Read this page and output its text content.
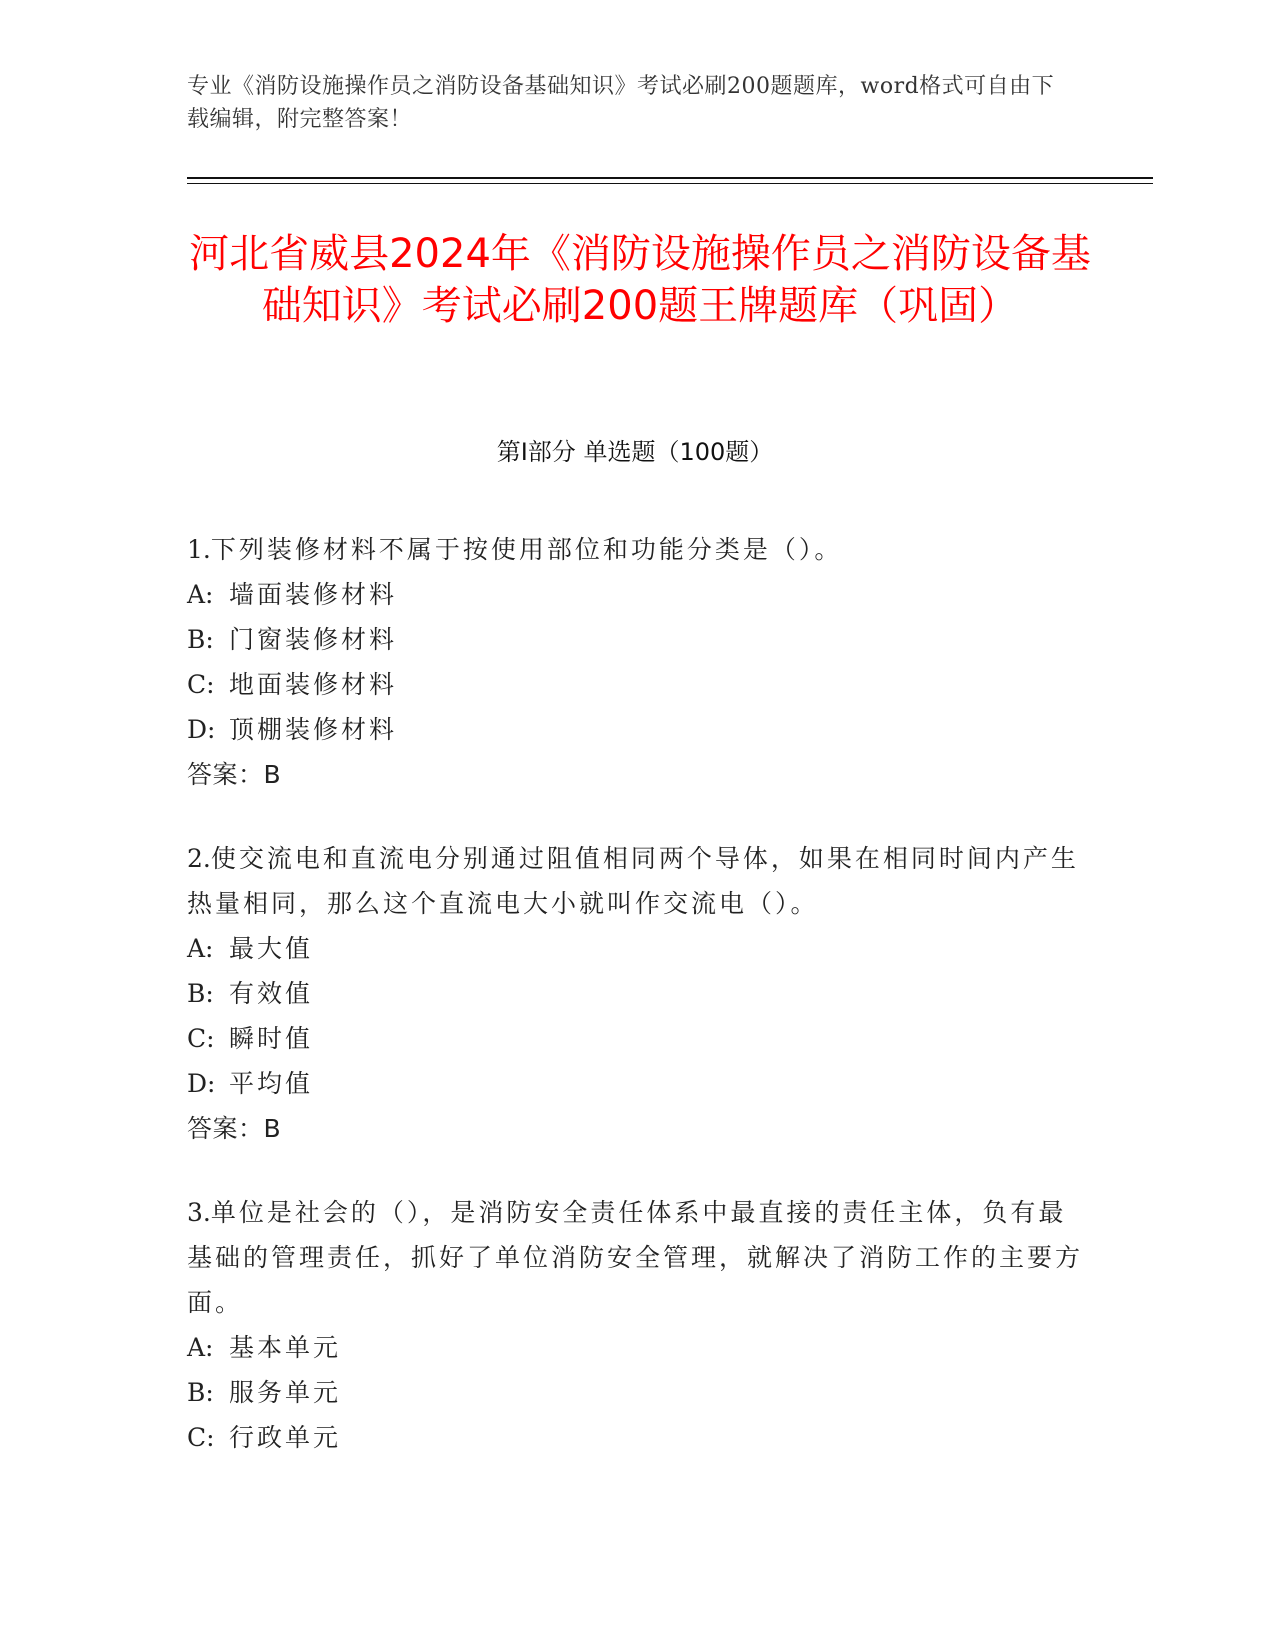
专业《消防设施操作员之消防设备基础知识》考试必刷200题题库，word格式可自由下载编辑，附完整答案！
河北省威县2024年《消防设施操作员之消防设备基础知识》考试必刷200题王牌题库（巩固）
第I部分 单选题（100题）

1.下列装修材料不属于按使用部位和功能分类是（）。

A: 墙面装修材料

B: 门窗装修材料

C: 地面装修材料

D: 顶棚装修材料

答案：B

2.使交流电和直流电分别通过阻值相同两个导体，如果在相同时间内产生热量相同，那么这个直流电大小就叫作交流电（）。

A: 最大值

B: 有效值

C: 瞬时值

D: 平均值

答案：B

3.单位是社会的（），是消防安全责任体系中最直接的责任主体，负有最基础的管理责任，抓好了单位消防安全管理，就解决了消防工作的主要方面。

A: 基本单元

B: 服务单元

C: 行政单元
